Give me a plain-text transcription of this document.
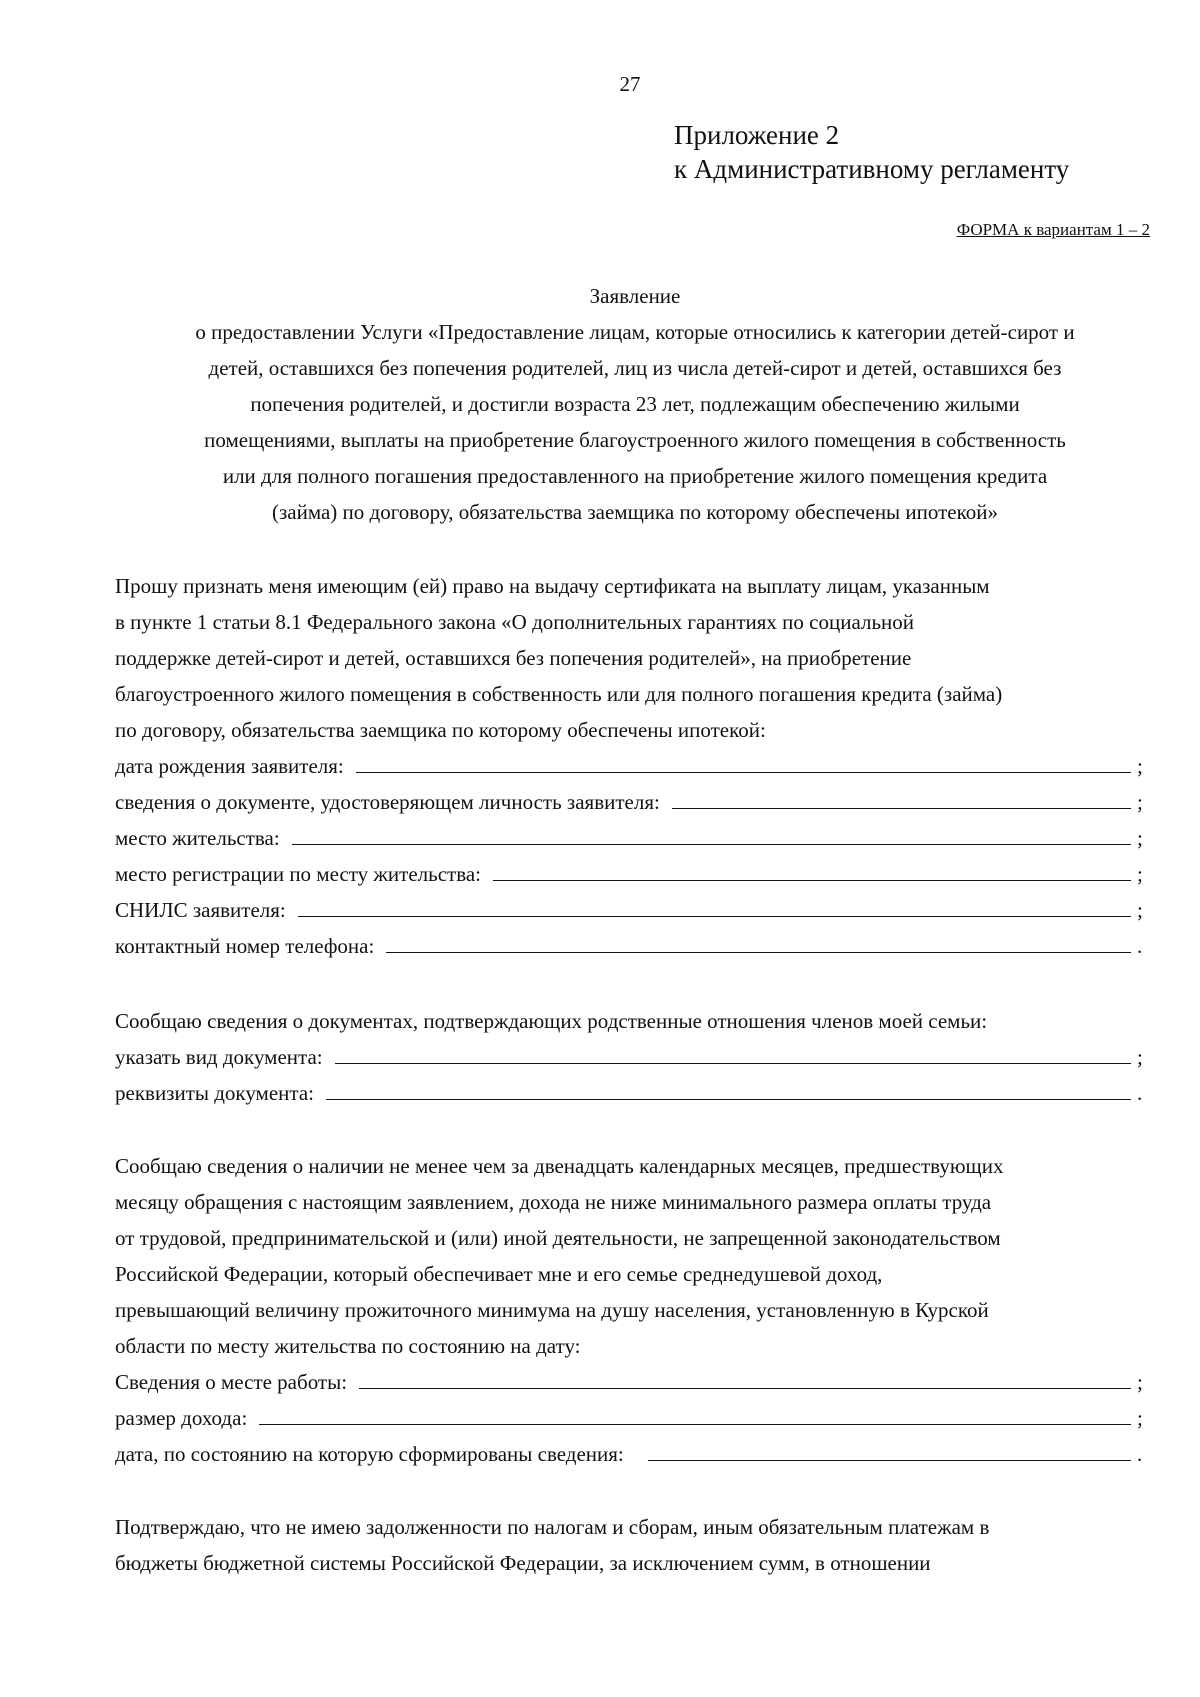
27
Приложение 2
к Административному регламенту
ФОРМА к вариантам 1 – 2
Заявление
о предоставлении Услуги «Предоставление лицам, которые относились к категории детей-сирот и
детей, оставшихся без попечения родителей, лиц из числа детей-сирот и детей, оставшихся без
попечения родителей, и достигли возраста 23 лет, подлежащим обеспечению жилыми
помещениями, выплаты на приобретение благоустроенного жилого помещения в собственность
или для полного погашения предоставленного на приобретение жилого помещения кредита
(займа) по договору, обязательства заемщика по которому обеспечены ипотекой»

Прошу признать меня имеющим (ей) право на выдачу сертификата на выплату лицам, указанным

в пункте 1 статьи 8.1 Федерального закона «О дополнительных гарантиях по социальной

поддержке детей-сирот и детей, оставшихся без попечения родителей», на приобретение

благоустроенного жилого помещения в собственность или для полного погашения кредита (займа)

по договору, обязательства заемщика по которому обеспечены ипотекой:

дата рождения заявителя:	;
сведения о документе, удостоверяющем личность заявителя:	;
место жительства:	;
место регистрации по месту жительства:	;
СНИЛС заявителя:	;
контактный номер телефона:	.

Сообщаю сведения о документах, подтверждающих родственные отношения членов моей семьи:

указать вид документа:	;
реквизиты документа:	.

Сообщаю сведения о наличии не менее чем за двенадцать календарных месяцев, предшествующих

месяцу обращения с настоящим заявлением, дохода не ниже минимального размера оплаты труда

от трудовой, предпринимательской и (или) иной деятельности, не запрещенной законодательством

Российской Федерации, который обеспечивает мне и его семье среднедушевой доход,

превышающий величину прожиточного минимума на душу населения, установленную в Курской

области по месту жительства по состоянию на дату:

Сведения о месте работы:	;
размер дохода:	;
дата, по состоянию на которую сформированы сведения:	.

Подтверждаю, что не имею задолженности по налогам и сборам, иным обязательным платежам в

бюджеты бюджетной системы Российской Федерации, за исключением сумм, в отношении
